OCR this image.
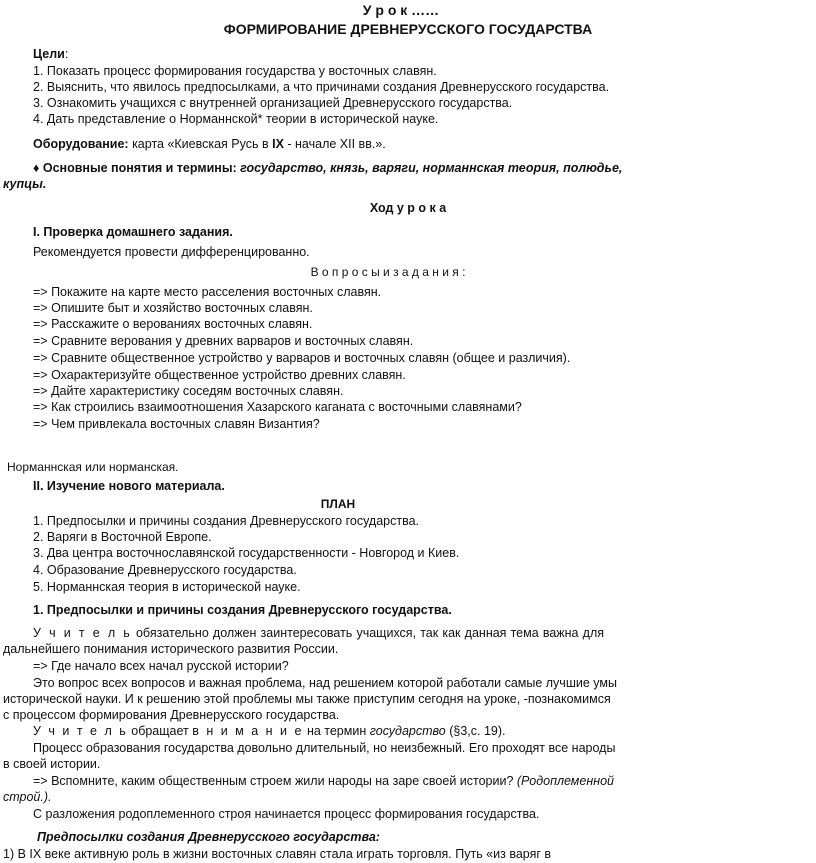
У р о к ……
ФОРМИРОВАНИЕ ДРЕВНЕРУССКОГО ГОСУДАРСТВА
Цели:
1. Показать процесс формирования государства у восточных славян.
2. Выяснить, что явилось предпосылками, а что причинами создания Древнерусского государства.
3. Ознакомить учащихся с внутренней организацией Древнерусского государства.
4. Дать представление о Норманнской* теории в исторической науке.
Оборудование: карта «Киевская Русь в IX - начале XII вв.».
♦ Основные понятия и термины: государство, князь, варяги, норманнская теория, полюдье,
купцы.
Ход у р о к а
I. Проверка домашнего задания.
Рекомендуется провести дифференцированно.
В о п р о с ы и з а д а н и я :
=> Покажите на карте место расселения восточных славян.
=> Опишите быт и хозяйство восточных славян.
=> Расскажите о верованиях восточных славян.
=> Сравните верования у древних варваров и восточных славян.
=> Сравните общественное устройство у варваров и восточных славян (общее и различия).
=> Охарактеризуйте общественное устройство древних славян.
=> Дайте характеристику соседям восточных славян.
=> Как строились взаимоотношения Хазарского каганата с восточными славянами?
=> Чем привлекала восточных славян Византия?
Норманнская или норманская.
II. Изучение нового материала.
ПЛАН
1. Предпосылки и причины создания Древнерусского государства.
2. Варяги в Восточной Европе.
3. Два центра восточнославянской государственности - Новгород и Киев.
4. Образование Древнерусского государства.
5. Норманнская теория в исторической науке.
1. Предпосылки и причины создания Древнерусского государства.
У ч и т е л ь обязательно должен заинтересовать учащихся, так как данная тема важна для
дальнейшего понимания исторического развития России.
=> Где начало всех начал русской истории?
Это вопрос всех вопросов и важная проблема, над решением которой работали самые лучшие умы
исторической науки. И к решению этой проблемы мы также приступим сегодня на уроке, -познакомимся
с процессом формирования Древнерусского государства.
У ч и т е л ь обращает в н и м а н и е на термин государство (§3,с. 19).
Процесс образования государства довольно длительный, но неизбежный. Его проходят все народы
в своей истории.
=> Вспомните, каким общественным строем жили народы на заре своей истории? (Родоплеменной
строй.).
С разложения родоплеменного строя начинается процесс формирования государства.
Предпосылки создания Древнерусского государства:
1) В IX веке активную роль в жизни восточных славян стала играть торговля. Путь «из варяг в
